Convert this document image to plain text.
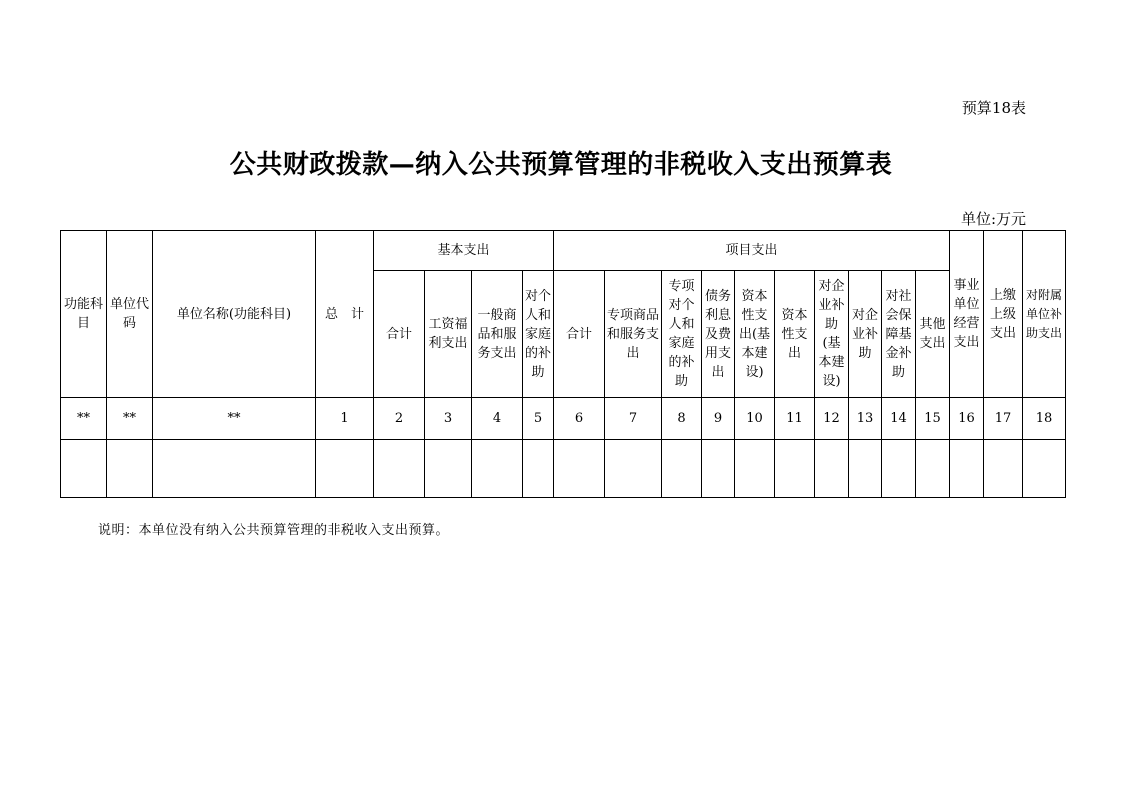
预算18表
公共财政拨款—纳入公共预算管理的非税收入支出预算表
单位:万元
功能科目	单位代码	单位名称(功能科目)	总　计	基本支出				项目支出										事业单位经营支出	上缴上级支出	对附属单位补助支出
				合计	工资福利支出	一般商品和服务支出	对个人和家庭的补助	合计	专项商品和服务支出	专项对个人和家庭的补助	债务利息及费用支出	资本性支出(基本建设)	资本性支出	对企业补助(基本建设)	对企业补助	对社会保障基金补助	其他支出			
**	**	**	1	2	3	4	5	6	7	8	9	10	11	12	13	14	15	16	17	18

说明：本单位没有纳入公共预算管理的非税收入支出预算。
